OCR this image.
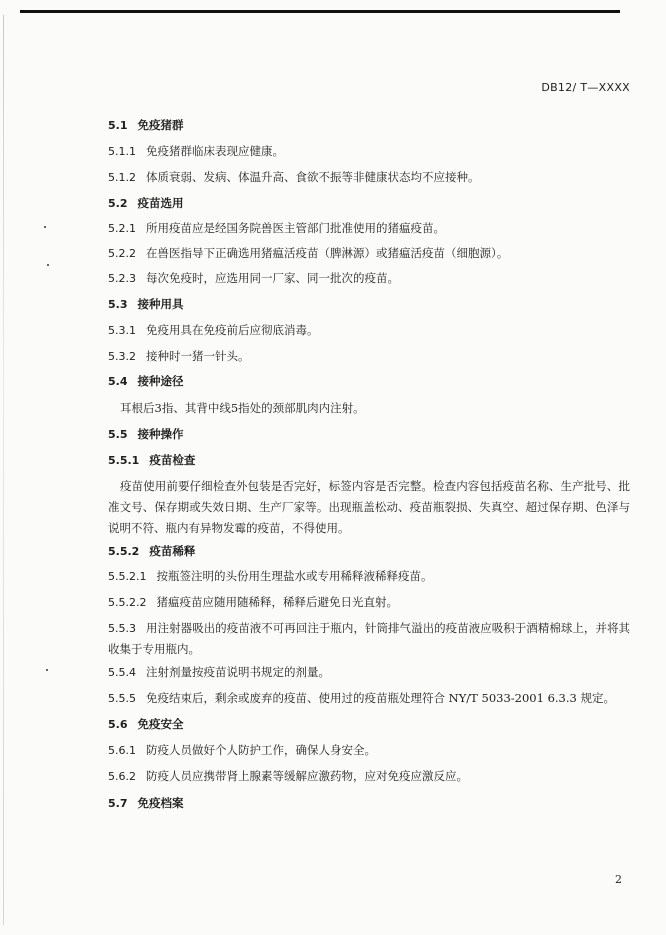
DB12/ T—XXXX
5.1 免疫猪群
5.1.1 免疫猪群临床表现应健康。
5.1.2 体质衰弱、发病、体温升高、食欲不振等非健康状态均不应接种。
5.2 疫苗选用
5.2.1 所用疫苗应是经国务院兽医主管部门批准使用的猪瘟疫苗。
5.2.2 在兽医指导下正确选用猪瘟活疫苗（脾淋源）或猪瘟活疫苗（细胞源）。
5.2.3 每次免疫时，应选用同一厂家、同一批次的疫苗。
5.3 接种用具
5.3.1 免疫用具在免疫前后应彻底消毒。
5.3.2 接种时一猪一针头。
5.4 接种途径
耳根后3指、其背中线5指处的颈部肌肉内注射。
5.5 接种操作
5.5.1 疫苗检查
疫苗使用前要仔细检查外包装是否完好，标签内容是否完整。检查内容包括疫苗名称、生产批号、批准文号、保存期或失效日期、生产厂家等。出现瓶盖松动、疫苗瓶裂损、失真空、超过保存期、色泽与说明不符、瓶内有异物发霉的疫苗，不得使用。
5.5.2 疫苗稀释
5.5.2.1 按瓶签注明的头份用生理盐水或专用稀释液稀释疫苗。
5.5.2.2 猪瘟疫苗应随用随稀释，稀释后避免日光直射。
5.5.3 用注射器吸出的疫苗液不可再回注于瓶内，针筒排气溢出的疫苗液应吸积于酒精棉球上，并将其收集于专用瓶内。
5.5.4 注射剂量按疫苗说明书规定的剂量。
5.5.5 免疫结束后，剩余或废弃的疫苗、使用过的疫苗瓶处理符合 NY/T 5033-2001 6.3.3 规定。
5.6 免疫安全
5.6.1 防疫人员做好个人防护工作，确保人身安全。
5.6.2 防疫人员应携带肾上腺素等缓解应激药物，应对免疫应激反应。
5.7 免疫档案
2
